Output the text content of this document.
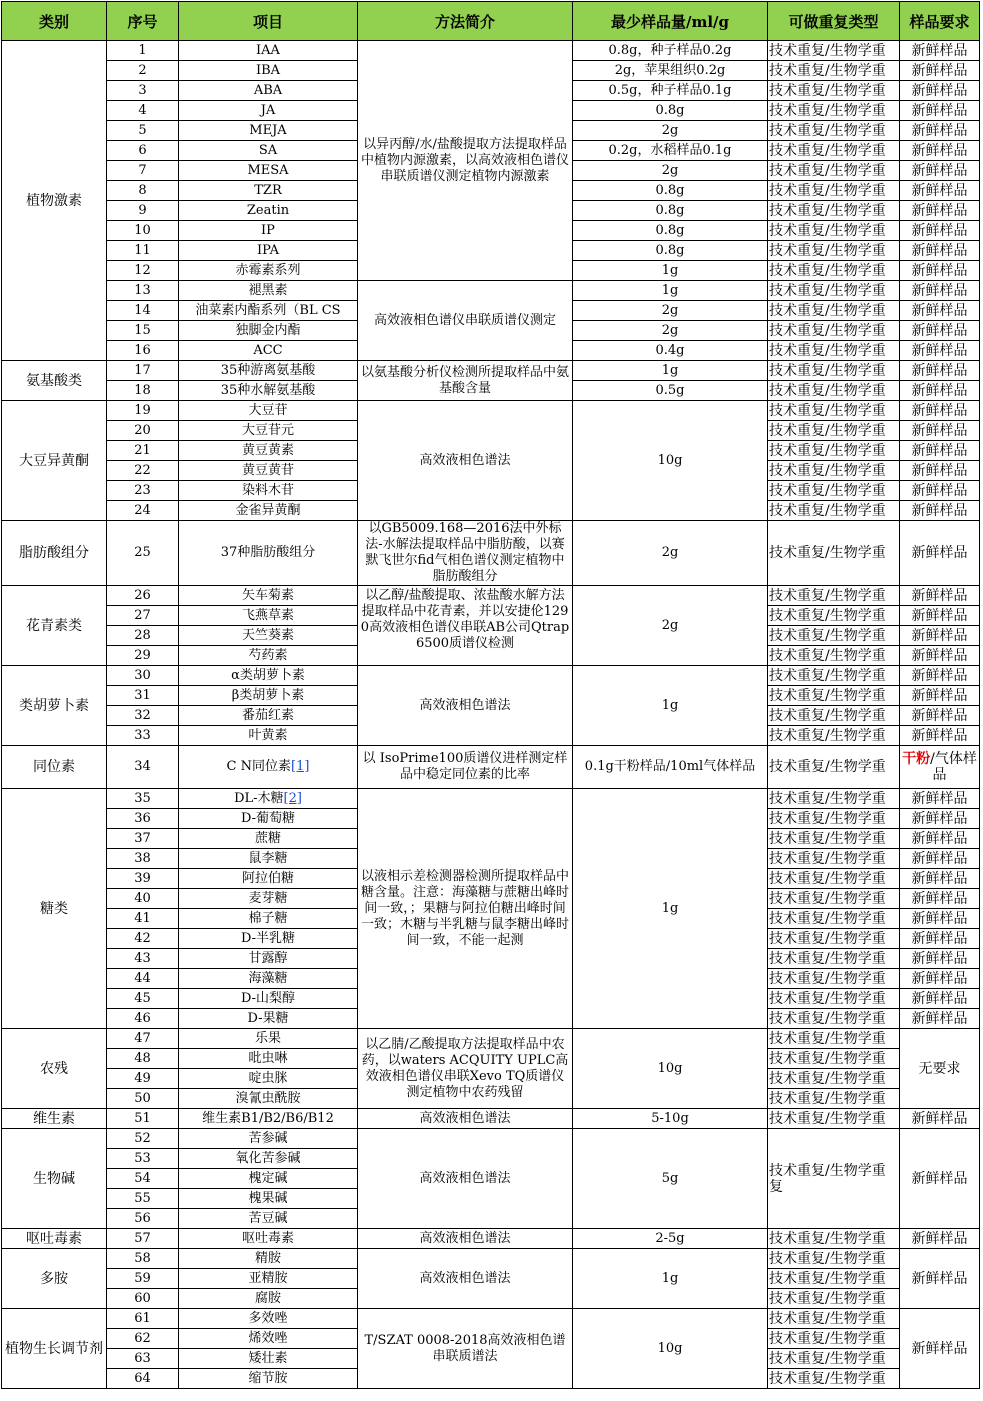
类别	序号	项目	方法简介	最少样品量/ml/g	可做重复类型	样品要求
植物激素	1	IAA	以异丙醇/水/盐酸提取方法提取样品中植物内源激素，以高效液相色谱仪串联质谱仪测定植物内源激素	0.8g，种子样品0.2g	技术重复/生物学重	新鲜样品
	2	IBA		2g，苹果组织0.2g	技术重复/生物学重	新鲜样品
	3	ABA		0.5g，种子样品0.1g	技术重复/生物学重	新鲜样品
	4	JA		0.8g	技术重复/生物学重	新鲜样品
	5	MEJA		2g	技术重复/生物学重	新鲜样品
	6	SA		0.2g，水稻样品0.1g	技术重复/生物学重	新鲜样品
	7	MESA		2g	技术重复/生物学重	新鲜样品
	8	TZR		0.8g	技术重复/生物学重	新鲜样品
	9	Zeatin		0.8g	技术重复/生物学重	新鲜样品
	10	IP		0.8g	技术重复/生物学重	新鲜样品
	11	IPA		0.8g	技术重复/生物学重	新鲜样品
	12	赤霉素系列		1g	技术重复/生物学重	新鲜样品
	13	褪黑素	高效液相色谱仪串联质谱仪测定	1g	技术重复/生物学重	新鲜样品
	14	油菜素内酯系列（BL CS		2g	技术重复/生物学重	新鲜样品
	15	独脚金内酯		2g	技术重复/生物学重	新鲜样品
	16	ACC		0.4g	技术重复/生物学重	新鲜样品
氨基酸类	17	35种游离氨基酸	以氨基酸分析仪检测所提取样品中氨基酸含量	1g	技术重复/生物学重	新鲜样品
	18	35种水解氨基酸		0.5g	技术重复/生物学重	新鲜样品
大豆异黄酮	19	大豆苷	高效液相色谱法	10g	技术重复/生物学重	新鲜样品
	20	大豆苷元			技术重复/生物学重	新鲜样品
	21	黄豆黄素			技术重复/生物学重	新鲜样品
	22	黄豆黄苷			技术重复/生物学重	新鲜样品
	23	染料木苷			技术重复/生物学重	新鲜样品
	24	金雀异黄酮			技术重复/生物学重	新鲜样品
脂肪酸组分	25	37种脂肪酸组分	以GB5009.168—2016法中外标法-水解法提取样品中脂肪酸，以赛默飞世尔fid气相色谱仪测定植物中脂肪酸组分	2g	技术重复/生物学重	新鲜样品
花青素类	26	矢车菊素	以乙醇/盐酸提取、浓盐酸水解方法提取样品中花青素，并以安捷伦1290高效液相色谱仪串联AB公司Qtrap6500质谱仪检测	2g	技术重复/生物学重	新鲜样品
	27	飞燕草素			技术重复/生物学重	新鲜样品
	28	天竺葵素			技术重复/生物学重	新鲜样品
	29	芍药素			技术重复/生物学重	新鲜样品
类胡萝卜素	30	α类胡萝卜素	高效液相色谱法	1g	技术重复/生物学重	新鲜样品
	31	β类胡萝卜素			技术重复/生物学重	新鲜样品
	32	番茄红素			技术重复/生物学重	新鲜样品
	33	叶黄素			技术重复/生物学重	新鲜样品
同位素	34	C N同位素[1]	以 IsoPrime100质谱仪进样测定样品中稳定同位素的比率	0.1g干粉样品/10ml气体样品	技术重复/生物学重	干粉/气体样品
糖类	35	DL-木糖[2]	以液相示差检测器检测所提取样品中糖含量。注意：海藻糖与蔗糖出峰时间一致，；果糖与阿拉伯糖出峰时间一致；木糖与半乳糖与鼠李糖出峰时间一致，不能一起测	1g	技术重复/生物学重	新鲜样品
	36	D-葡萄糖			技术重复/生物学重	新鲜样品
	37	蔗糖			技术重复/生物学重	新鲜样品
	38	鼠李糖			技术重复/生物学重	新鲜样品
	39	阿拉伯糖			技术重复/生物学重	新鲜样品
	40	麦芽糖			技术重复/生物学重	新鲜样品
	41	棉子糖			技术重复/生物学重	新鲜样品
	42	D-半乳糖			技术重复/生物学重	新鲜样品
	43	甘露醇			技术重复/生物学重	新鲜样品
	44	海藻糖			技术重复/生物学重	新鲜样品
	45	D-山梨醇			技术重复/生物学重	新鲜样品
	46	D-果糖			技术重复/生物学重	新鲜样品
农残	47	乐果	以乙腈/乙酸提取方法提取样品中农药，以waters ACQUITY UPLC高效液相色谱仪串联Xevo TQ质谱仪测定植物中农药残留	10g	技术重复/生物学重	无要求
	48	吡虫啉			技术重复/生物学重	
	49	啶虫脒			技术重复/生物学重	
	50	溴氰虫酰胺			技术重复/生物学重	
维生素	51	维生素B1/B2/B6/B12	高效液相色谱法	5-10g	技术重复/生物学重	新鲜样品
生物碱	52	苦参碱	高效液相色谱法	5g	技术重复/生物学重复	新鲜样品
	53	氧化苦参碱				
	54	槐定碱				
	55	槐果碱				
	56	苦豆碱				
呕吐毒素	57	呕吐毒素	高效液相色谱法	2-5g	技术重复/生物学重	新鲜样品
多胺	58	精胺	高效液相色谱法	1g	技术重复/生物学重	新鲜样品
	59	亚精胺			技术重复/生物学重	
	60	腐胺			技术重复/生物学重	
植物生长调节剂	61	多效唑	T/SZAT 0008-2018高效液相色谱串联质谱法	10g	技术重复/生物学重	新鲜样品
	62	烯效唑			技术重复/生物学重	
	63	矮壮素			技术重复/生物学重	
	64	缩节胺			技术重复/生物学重	
